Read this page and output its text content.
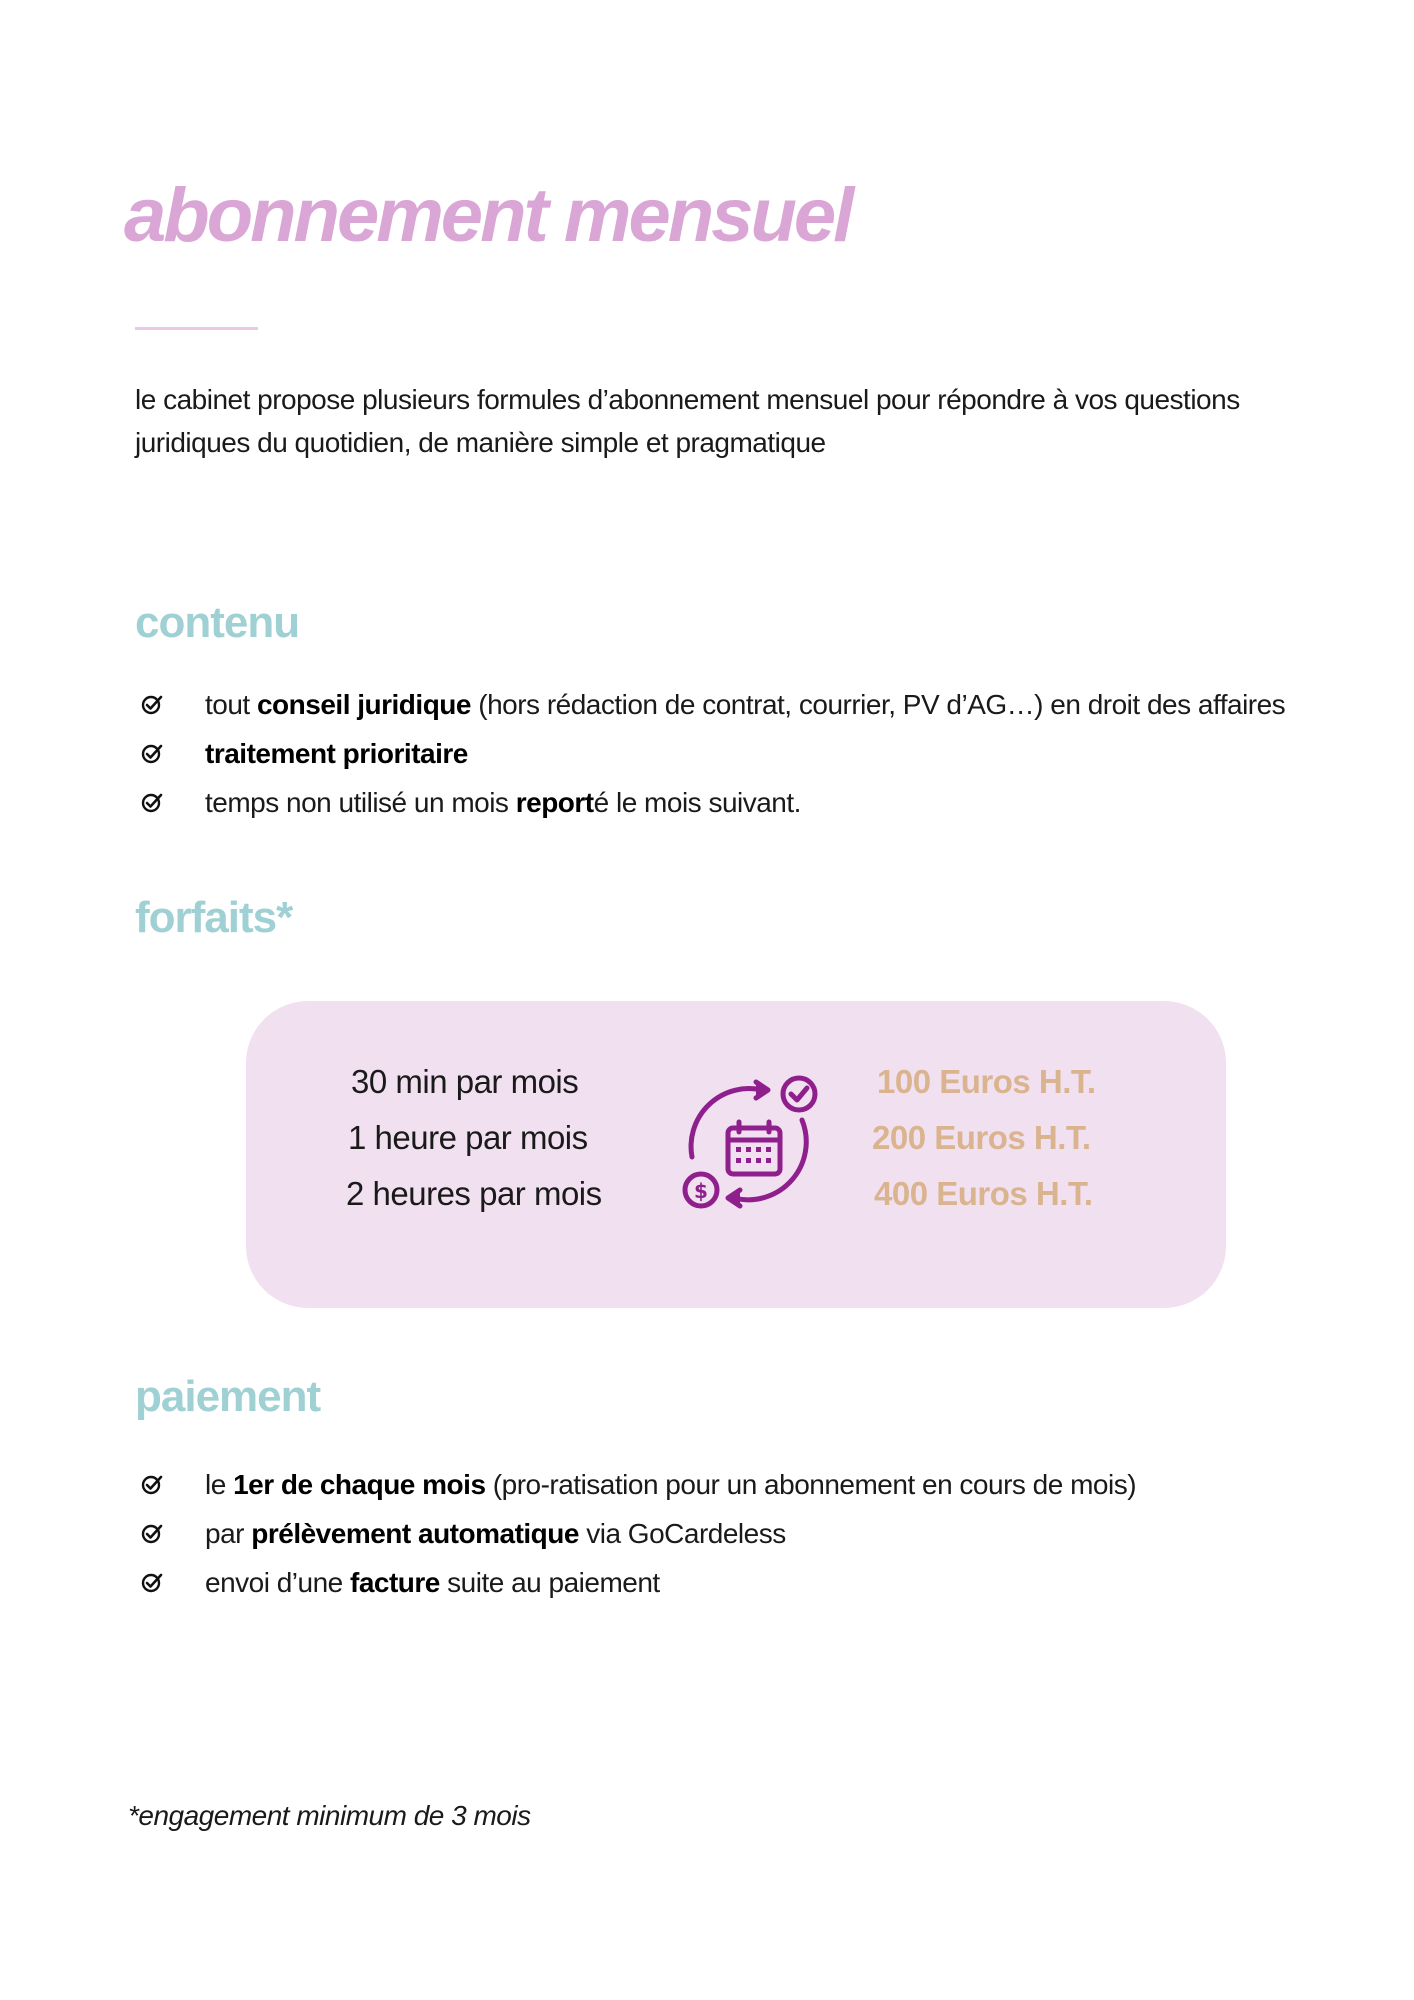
abonnement mensuel
le cabinet propose plusieurs formules d’abonnement mensuel pour répondre à vos questions juridiques du quotidien, de manière simple et pragmatique
contenu
tout conseil juridique (hors rédaction de contrat, courrier, PV d’AG…) en droit des affaires
traitement prioritaire
temps non utilisé un mois reporté le mois suivant.
forfaits*
30 min par mois
1 heure par mois
2 heures par mois	$
100 Euros H.T.
200 Euros H.T.
400 Euros H.T.
paiement
le 1er de chaque mois (pro-ratisation pour un abonnement en cours de mois)
par prélèvement automatique via GoCardeless
envoi d’une facture suite au paiement
*engagement minimum de 3 mois
